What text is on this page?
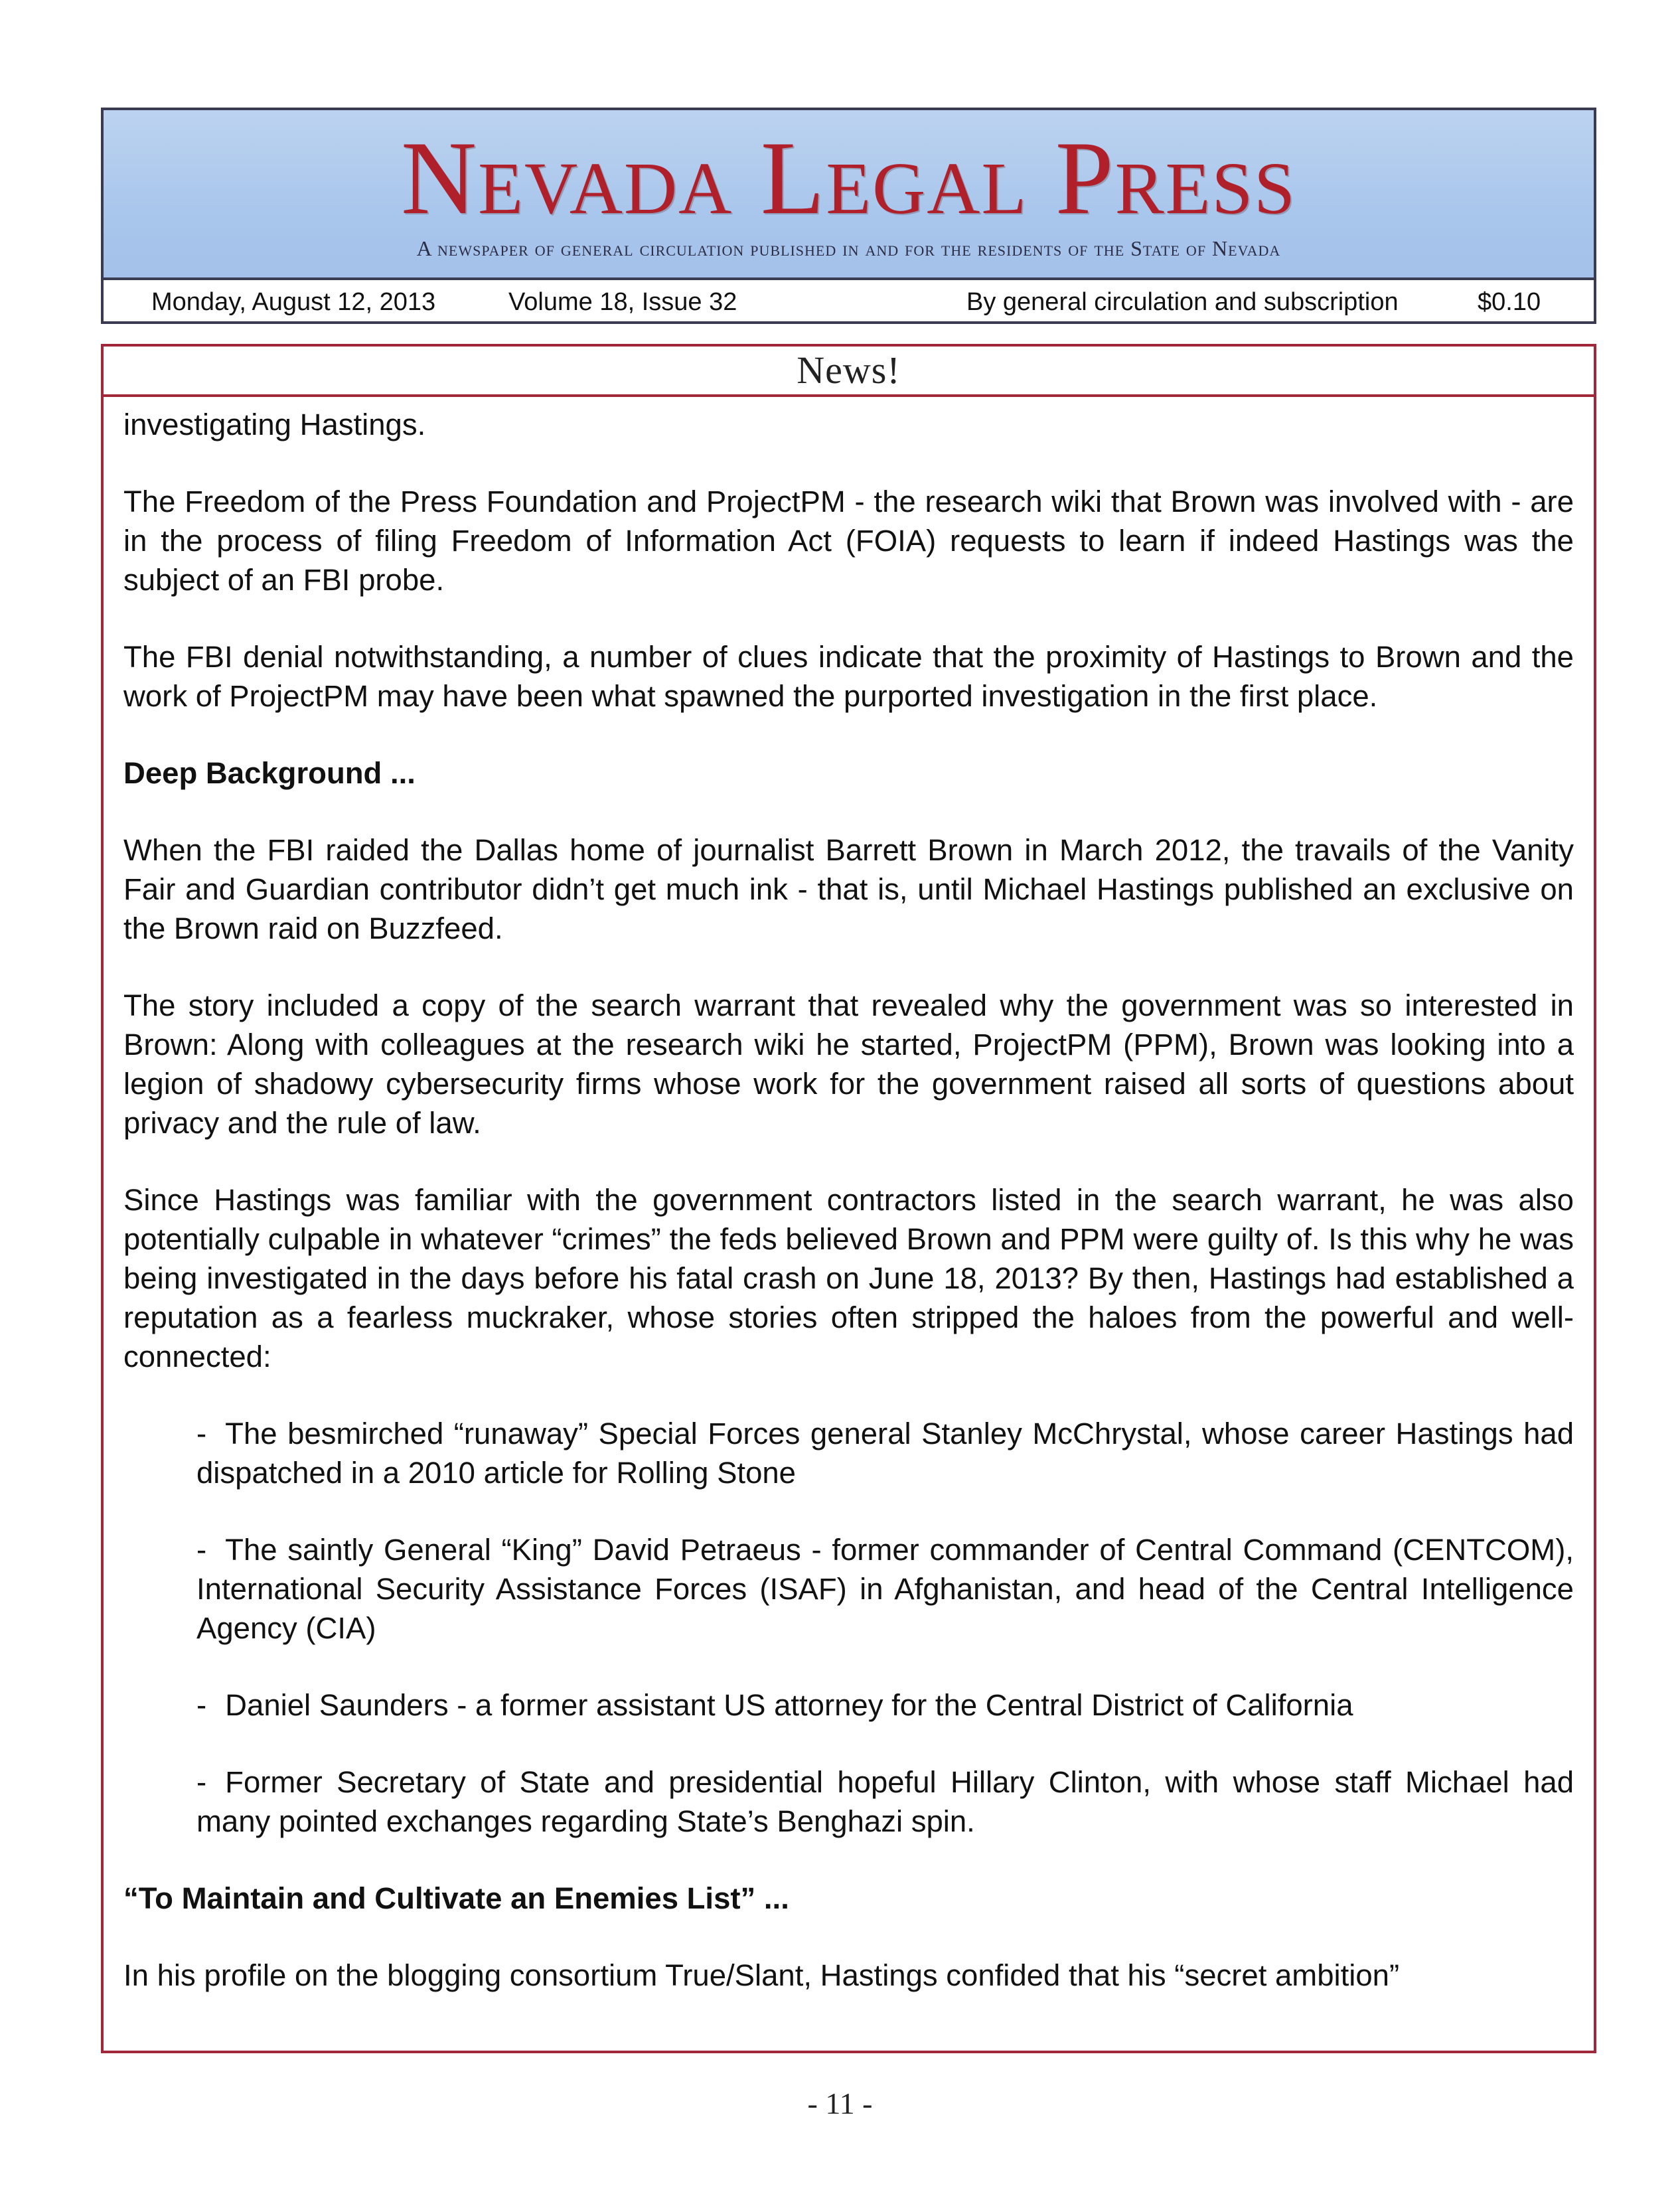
Nevada Legal Press
A newspaper of general circulation published in and for the residents of the State of Nevada
Monday, August 12, 2013	Volume 18, Issue 32	By general circulation and subscription	$0.10
News!

investigating Hastings.

The Freedom of the Press Foundation and ProjectPM - the research wiki that Brown was involved with - are in the process of filing Freedom of Information Act (FOIA) requests to learn if indeed Hastings was the subject of an FBI probe.

The FBI denial notwithstanding, a number of clues indicate that the proximity of Hastings to Brown and the work of ProjectPM may have been what spawned the purported investigation in the first place.

Deep Background ...

When the FBI raided the Dallas home of journalist Barrett Brown in March 2012, the travails of the Vanity Fair and Guardian contributor didn’t get much ink - that is, until Michael Hastings published an exclusive on the Brown raid on Buzzfeed.

The story included a copy of the search warrant that revealed why the government was so interested in Brown: Along with colleagues at the research wiki he started, ProjectPM (PPM), Brown was looking into a legion of shadowy cybersecurity firms whose work for the government raised all sorts of questions about privacy and the rule of law.

Since Hastings was familiar with the government contractors listed in the search warrant, he was also potentially culpable in whatever “crimes” the feds believed Brown and PPM were guilty of. Is this why he was being investigated in the days before his fatal crash on June 18, 2013? By then, Hastings had established a reputation as a fearless muckraker, whose stories often stripped the haloes from the powerful and well-connected:

- The besmirched “runaway” Special Forces general Stanley McChrystal, whose career Hastings had dispatched in a 2010 article for Rolling Stone
- The saintly General “King” David Petraeus - former commander of Central Command (CENTCOM), International Security Assistance Forces (ISAF) in Afghanistan, and head of the Central Intelligence Agency (CIA)
- Daniel Saunders - a former assistant US attorney for the Central District of California
- Former Secretary of State and presidential hopeful Hillary Clinton, with whose staff Michael had many pointed exchanges regarding State’s Benghazi spin.
“To Maintain and Cultivate an Enemies List” ...

In his profile on the blogging consortium True/Slant, Hastings confided that his “secret ambition”

- 11 -
